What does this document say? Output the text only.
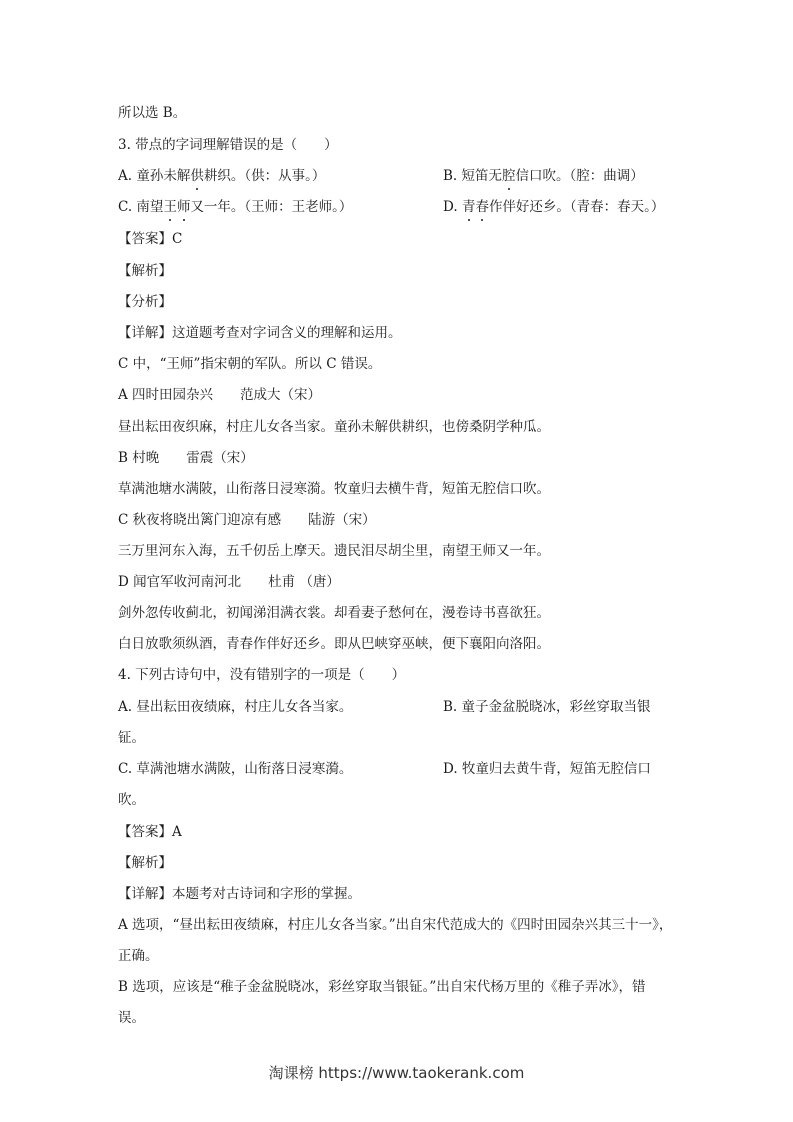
所以选 B。
3. 带点的字词理解错误的是（　　）
A. 童孙未解供耕织。（供：从事。）	B. 短笛无腔信口吹。（腔：曲调）
C. 南望王师又一年。（王师：王老师。）	D. 青春作伴好还乡。（青春：春天。）
【答案】C
【解析】
【分析】
【详解】这道题考查对字词含义的理解和运用。
C 中，“王师”指宋朝的军队。所以 C 错误。
A 四时田园杂兴　　范成大（宋）
昼出耘田夜织麻，村庄儿女各当家。童孙未解供耕织，也傍桑阴学种瓜。
B 村晚　　雷震（宋）
草满池塘水满陂，山衔落日浸寒漪。牧童归去横牛背，短笛无腔信口吹。
C 秋夜将晓出篱门迎凉有感　　陆游（宋）
三万里河东入海，五千仞岳上摩天。遗民泪尽胡尘里，南望王师又一年。
D 闻官军收河南河北　　杜甫 （唐）
剑外忽传收蓟北，初闻涕泪满衣裳。却看妻子愁何在，漫卷诗书喜欲狂。
白日放歌须纵酒，青春作伴好还乡。即从巴峡穿巫峡，便下襄阳向洛阳。
4. 下列古诗句中，没有错别字的一项是（　　）
A. 昼出耘田夜绩麻，村庄儿女各当家。	B. 童子金盆脱晓冰，彩丝穿取当银
钲。
C. 草满池塘水满陂，山衔落日浸寒漪。	D. 牧童归去黄牛背，短笛无腔信口
吹。
【答案】A
【解析】
【详解】本题考对古诗词和字形的掌握。
A 选项，“昼出耘田夜绩麻，村庄儿女各当家。”出自宋代范成大的《四时田园杂兴其三十一》，
正确。
B 选项，应该是“稚子金盆脱晓冰，彩丝穿取当银钲。”出自宋代杨万里的《稚子弄冰》，错
误。
淘课榜 https://www.taokerank.com
